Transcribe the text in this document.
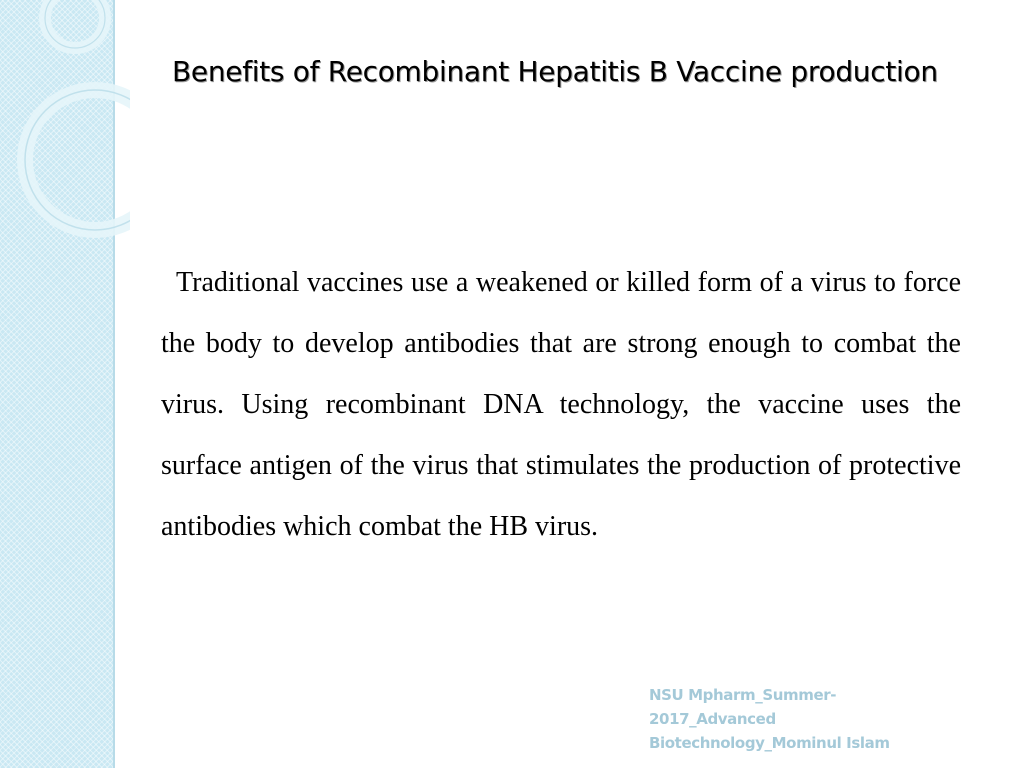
Benefits of Recombinant Hepatitis B Vaccine production

Traditional vaccines use a weakened or killed form of a virus to force the body to develop antibodies that are strong enough to combat the virus. Using recombinant DNA technology, the vaccine uses the surface antigen of the virus that stimulates the production of protective antibodies which combat the HB virus.

NSU Mpharm_Summer-
2017_Advanced
Biotechnology_Mominul Islam
